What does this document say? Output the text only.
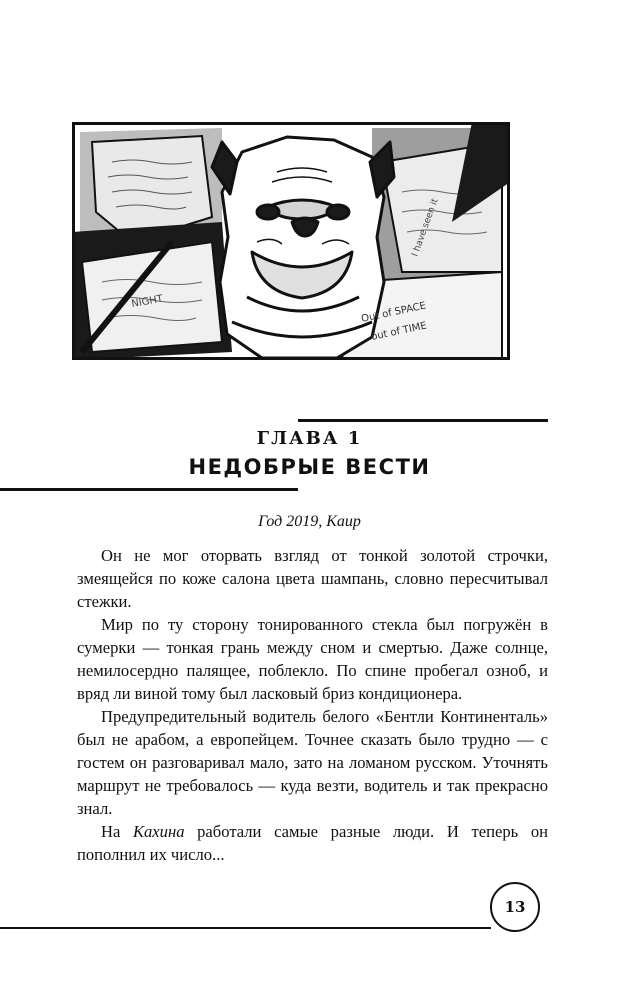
Out of SPACE
out of TIME
NIGHT
I have seen it
ГЛАВА 1
НЕДОБРЫЕ ВЕСТИ
Год 2019, Каир

Он не мог оторвать взгляд от тонкой золотой строчки, змеящейся по коже салона цвета шампань, словно пересчитывал стежки.

Мир по ту сторону тонированного стекла был погружён в сумерки — тонкая грань между сном и смертью. Даже солнце, немилосердно палящее, поблекло. По спине пробегал озноб, и вряд ли виной тому был ласковый бриз кондиционера.

Предупредительный водитель белого «Бентли Континенталь» был не арабом, а европейцем. Точнее сказать было трудно — с гостем он разговаривал мало, зато на ломаном русском. Уточнять маршрут не требовалось — куда везти, водитель и так прекрасно знал.

На Кахина работали самые разные люди. И теперь он пополнил их число...

13
